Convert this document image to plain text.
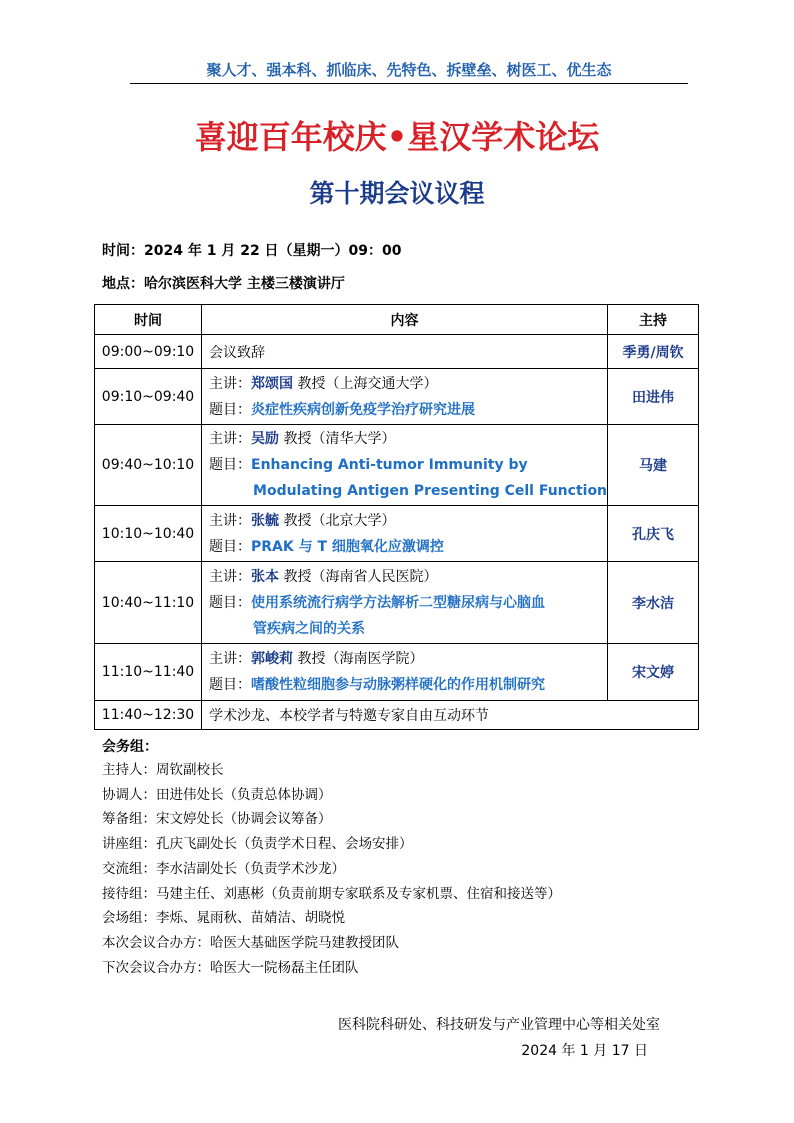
聚人才、强本科、抓临床、先特色、拆壁垒、树医工、优生态
喜迎百年校庆•星汉学术论坛
第十期会议议程
时间：2024 年 1 月 22 日（星期一）09：00
地点：哈尔滨医科大学 主楼三楼演讲厅
时间	内容	主持
09:00~09:10	会议致辞	季勇/周钦
09:10~09:40	主讲：郑颂国 教授（上海交通大学）
题目：炎症性疾病创新免疫学治疗研究进展	田进伟
09:40~10:10	主讲：吴励 教授（清华大学）
题目：Enhancing Anti-tumor Immunity by
Modulating Antigen Presenting Cell Function	马建
10:10~10:40	主讲：张毓 教授（北京大学）
题目：PRAK 与 T 细胞氧化应激调控	孔庆飞
10:40~11:10	主讲：张本 教授（海南省人民医院）
题目：使用系统流行病学方法解析二型糖尿病与心脑血
管疾病之间的关系	李水洁
11:10~11:40	主讲：郭峻莉 教授（海南医学院）
题目：嗜酸性粒细胞参与动脉粥样硬化的作用机制研究	宋文婷
11:40~12:30	学术沙龙、本校学者与特邀专家自由互动环节	
会务组：
主持人：周钦副校长
协调人：田进伟处长（负责总体协调）
筹备组：宋文婷处长（协调会议筹备）
讲座组：孔庆飞副处长（负责学术日程、会场安排）
交流组：李水洁副处长（负责学术沙龙）
接待组：马建主任、刘惠彬（负责前期专家联系及专家机票、住宿和接送等）
会场组：李烁、晁雨秋、苗婧洁、胡晓悦
本次会议合办方：哈医大基础医学院马建教授团队
下次会议合办方：哈医大一院杨磊主任团队
医科院科研处、科技研发与产业管理中心等相关处室
2024 年 1 月 17 日
